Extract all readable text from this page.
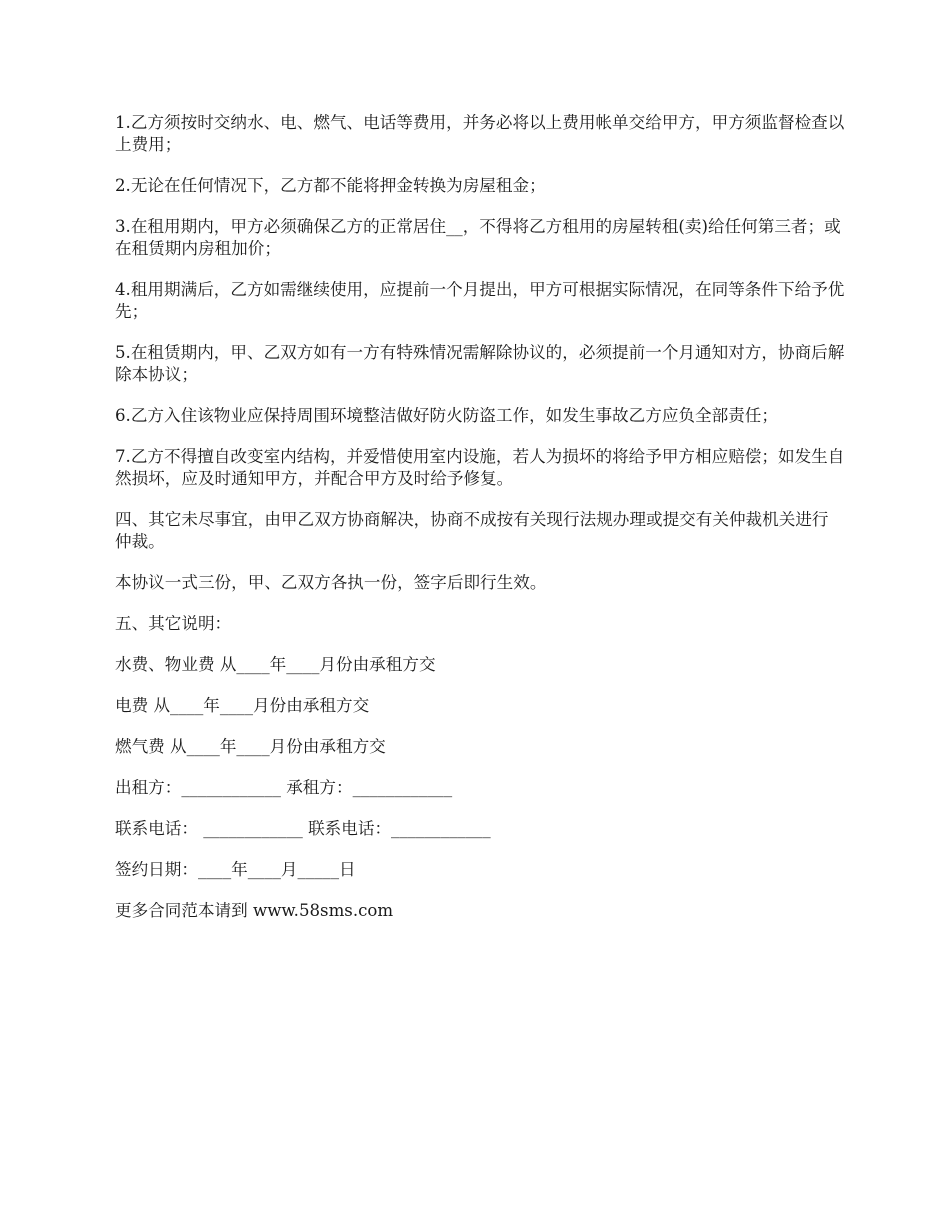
1.乙方须按时交纳水、电、燃气、电话等费用，并务必将以上费用帐单交给甲方，甲方须监督检查以上费用；

2.无论在任何情况下，乙方都不能将押金转换为房屋租金；

3.在租用期内，甲方必须确保乙方的正常居住__，不得将乙方租用的房屋转租(卖)给任何第三者；或在租赁期内房租加价；

4.租用期满后，乙方如需继续使用，应提前一个月提出，甲方可根据实际情况，在同等条件下给予优先；

5.在租赁期内，甲、乙双方如有一方有特殊情况需解除协议的，必须提前一个月通知对方，协商后解除本协议；

6.乙方入住该物业应保持周围环境整洁做好防火防盗工作，如发生事故乙方应负全部责任；

7.乙方不得擅自改变室内结构，并爱惜使用室内设施，若人为损坏的将给予甲方相应赔偿；如发生自然损坏，应及时通知甲方，并配合甲方及时给予修复。

四、其它未尽事宜，由甲乙双方协商解决，协商不成按有关现行法规办理或提交有关仲裁机关进行仲裁。

本协议一式三份，甲、乙双方各执一份，签字后即行生效。

五、其它说明：

水费、物业费 从____年____月份由承租方交

电费 从____年____月份由承租方交

燃气费 从____年____月份由承租方交

出租方：____________ 承租方：____________

联系电话： ____________ 联系电话：____________

签约日期：____年____月_____日

更多合同范本请到 www.58sms.com
